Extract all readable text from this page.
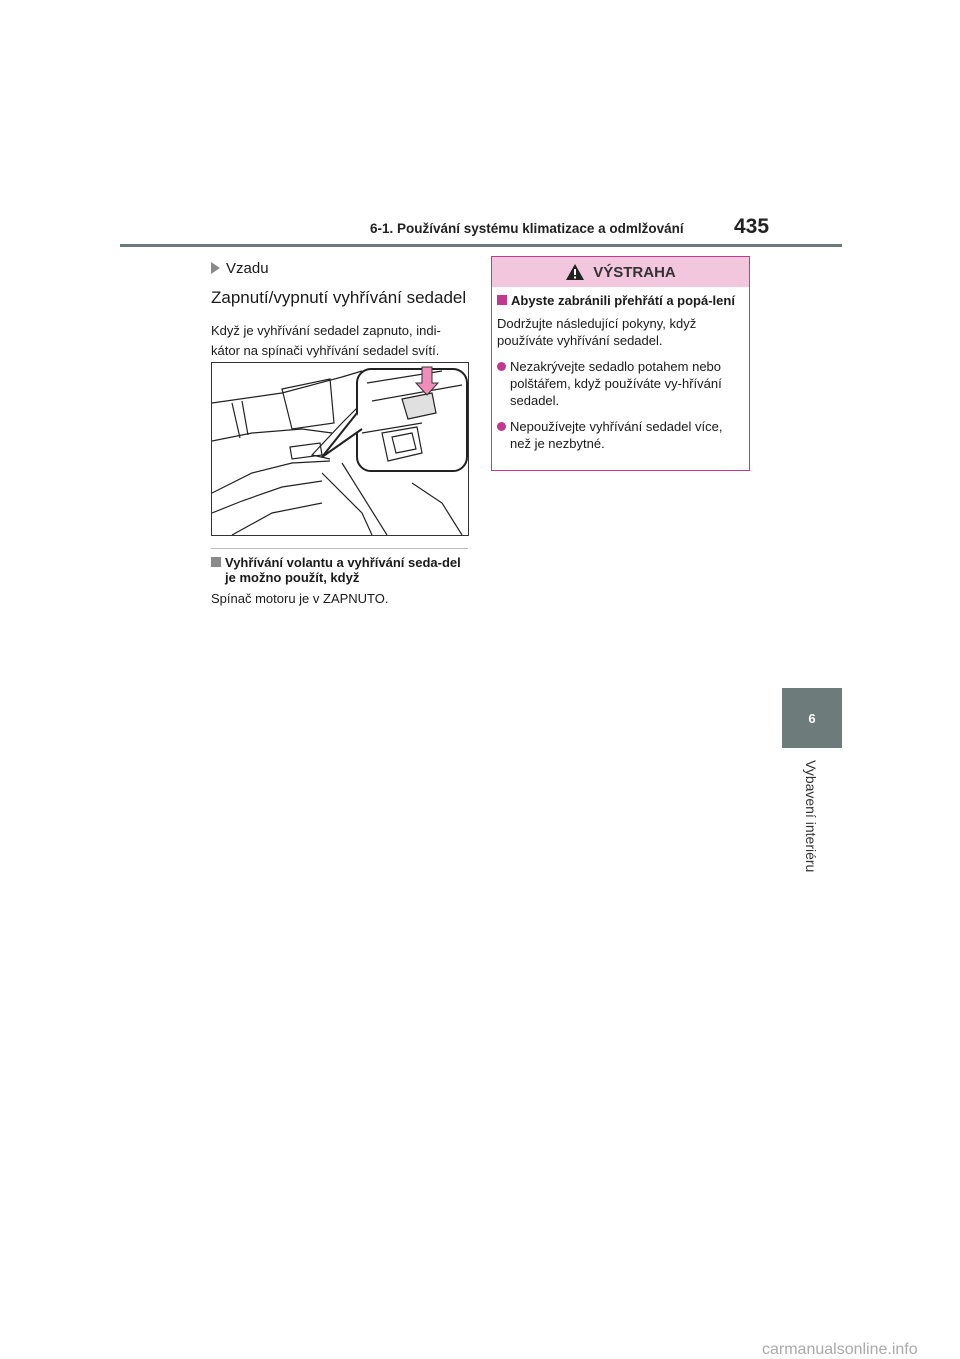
6-1. Používání systému klimatizace a odmlžování 435
6
Vybavení interiéru
Vzadu
Zapnutí/vypnutí vyhřívání sedadel
Když je vyhřívání sedadel zapnuto, indi-kátor na spínači vyhřívání sedadel svítí.
Vyhřívání volantu a vyhřívání seda-del je možno použít, když
Spínač motoru je v ZAPNUTO.
VÝSTRAHA
Abyste zabránili přehřátí a popá-lení
Dodržujte následující pokyny, když používáte vyhřívání sedadel.
Nezakrývejte sedadlo potahem nebo polštářem, když používáte vy-hřívání sedadel.
Nepoužívejte vyhřívání sedadel více, než je nezbytné.
carmanualsonline.info
